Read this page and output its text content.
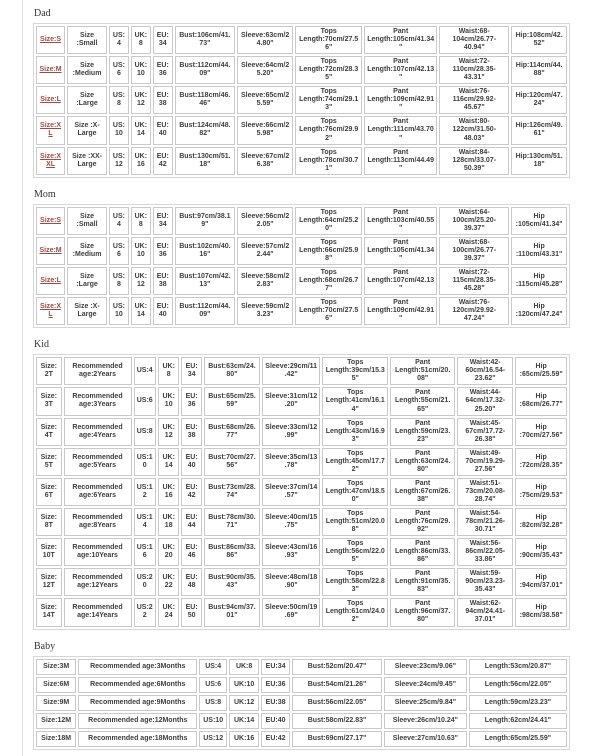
Dad
Size:S	Size :Small	US:4	UK:8	EU:34	Bust:106cm/41.73"	Sleeve:63cm/24.80"	Tops Length:70cm/27.56"	Pant Length:105cm/41.34"	Waist:68-104cm/26.77-40.94"	Hip:108cm/42.52"
Size:M	Size :Medium	US:6	UK:10	EU:36	Bust:112cm/44.09"	Sleeve:64cm/25.20"	Tops Length:72cm/28.35"	Pant Length:107cm/42.13"	Waist:72-110cm/28.35-43.31"	Hip:114cm/44.88"
Size:L	Size :Large	US:8	UK:12	EU:38	Bust:118cm/46.46"	Sleeve:65cm/25.59"	Tops Length:74cm/29.13"	Pant Length:109cm/42.91"	Waist:76-116cm/29.92-45.67"	Hip:120cm/47.24"
Size:XL	Size :X-Large	US:10	UK:14	EU:40	Bust:124cm/48.82"	Sleeve:66cm/25.98"	Tops Length:76cm/29.92"	Pant Length:111cm/43.70"	Waist:80-122cm/31.50-48.03"	Hip:126cm/49.61"
Size:XXL	Size :XX-Large	US:12	UK:16	EU:42	Bust:130cm/51.18"	Sleeve:67cm/26.38"	Tops Length:78cm/30.71"	Pant Length:113cm/44.49"	Waist:84-128cm/33.07-50.39"	Hip:130cm/51.18"
Mom
Size:S	Size :Small	US:4	UK:8	EU:34	Bust:97cm/38.19"	Sleeve:56cm/22.05"	Tops Length:64cm/25.20"	Pant Length:103cm/40.55"	Waist:64-100cm/25.20-39.37"	Hip :105cm/41.34"
Size:M	Size :Medium	US:6	UK:10	EU:36	Bust:102cm/40.16"	Sleeve:57cm/22.44"	Tops Length:66cm/25.98"	Pant Length:105cm/41.34"	Waist:68-100cm/26.77-39.37"	Hip :110cm/43.31"
Size:L	Size :Large	US:8	UK:12	EU:38	Bust:107cm/42.13"	Sleeve:58cm/22.83"	Tops Length:68cm/26.77"	Pant Length:107cm/42.13"	Waist:72-115cm/28.35-45.28"	Hip :115cm/45.28"
Size:XL	Size :X-Large	US:10	UK:14	EU:40	Bust:112cm/44.09"	Sleeve:59cm/23.23"	Tops Length:70cm/27.56"	Pant Length:109cm/42.91"	Waist:76-120cm/29.92-47.24"	Hip :120cm/47.24"
Kid
Size:2T	Recommended age:2Years	US:4	UK:8	EU:34	Bust:63cm/24.80"	Sleeve:29cm/11.42"	Tops Length:39cm/15.35"	Pant Length:51cm/20.08"	Waist:42-60cm/16.54-23.62"	Hip :65cm/25.59"
Size:3T	Recommended age:3Years	US:6	UK:10	EU:36	Bust:65cm/25.59"	Sleeve:31cm/12.20"	Tops Length:41cm/16.14"	Pant Length:55cm/21.65"	Waist:44-64cm/17.32-25.20"	Hip :68cm/26.77"
Size:4T	Recommended age:4Years	US:8	UK:12	EU:38	Bust:68cm/26.77"	Sleeve:33cm/12.99"	Tops Length:43cm/16.93"	Pant Length:59cm/23.23"	Waist:45-67cm/17.72-26.38"	Hip :70cm/27.56"
Size:5T	Recommended age:5Years	US:10	UK:14	EU:40	Bust:70cm/27.56"	Sleeve:35cm/13.78"	Tops Length:45cm/17.72"	Pant Length:63cm/24.80"	Waist:49-70cm/19.29-27.56"	Hip :72cm/28.35"
Size:6T	Recommended age:6Years	US:12	UK:16	EU:42	Bust:73cm/28.74"	Sleeve:37cm/14.57"	Tops Length:47cm/18.50"	Pant Length:67cm/26.38"	Waist:51-73cm/20.08-28.74"	Hip :75cm/29.53"
Size:8T	Recommended age:8Years	US:14	UK:18	EU:44	Bust:78cm/30.71"	Sleeve:40cm/15.75"	Tops Length:51cm/20.08"	Pant Length:76cm/29.92"	Waist:54-78cm/21.26-30.71"	Hip :82cm/32.28"
Size:10T	Recommended age:10Years	US:16	UK:20	EU:46	Bust:86cm/33.86"	Sleeve:43cm/16.93"	Tops Length:56cm/22.05"	Pant Length:86cm/33.86"	Waist:56-86cm/22.05-33.86"	Hip :90cm/35.43"
Size:12T	Recommended age:12Years	US:20	UK:22	EU:48	Bust:90cm/35.43"	Sleeve:48cm/18.90"	Tops Length:58cm/22.83"	Pant Length:91cm/35.83"	Waist:59-90cm/23.23-35.43"	Hip :94cm/37.01"
Size:14T	Recommended age:14Years	US:22	UK:24	EU:50	Bust:94cm/37.01"	Sleeve:50cm/19.69"	Tops Length:61cm/24.02"	Pant Length:96cm/37.80"	Waist:62-94cm/24.41-37.01"	Hip :98cm/38.58"
Baby
Size:3M	Recommended age:3Months	US:4	UK:8	EU:34	Bust:52cm/20.47"	Sleeve:23cm/9.06"	Length:53cm/20.87"
Size:6M	Recommended age:6Months	US:6	UK:10	EU:36	Bust:54cm/21.26"	Sleeve:24cm/9.45"	Length:56cm/22.05"
Size:9M	Recommended age:9Months	US:8	UK:12	EU:38	Bust:56cm/22.05"	Sleeve:25cm/9.84"	Length:59cm/23.23"
Size:12M	Recommended age:12Months	US:10	UK:14	EU:40	Bust:58cm/22.83"	Sleeve:26cm/10.24"	Length:62cm/24.41"
Size:18M	Recommended age:18Months	US:12	UK:16	EU:42	Bust:69cm/27.17"	Sleeve:27cm/10.63"	Length:65cm/25.59"
